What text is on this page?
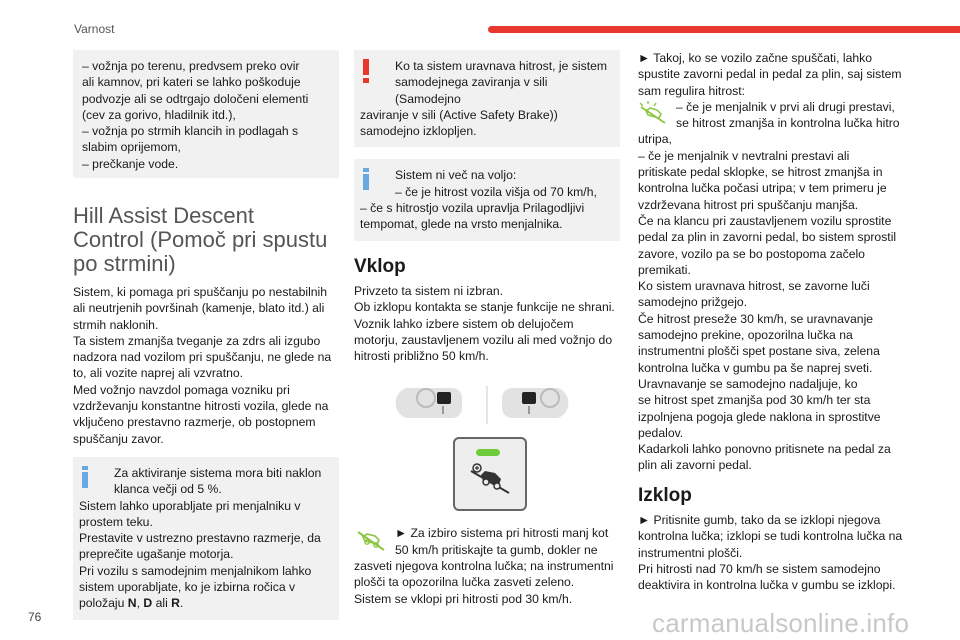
Varnost

– vožnja po terenu, predvsem preko ovir
ali kamnov, pri kateri se lahko poškoduje
podvozje ali se odtrgajo določeni elementi
(cev za gorivo, hladilnik itd.),
– vožnja po strmih klancih in podlagah s
slabim oprijemom,
– prečkanje vode.

Hill Assist Descent
Control (Pomoč pri spustu
po strmini)

Sistem, ki pomaga pri spuščanju po nestabilnih
ali neutrjenih površinah (kamenje, blato itd.) ali
strmih naklonih.
Ta sistem zmanjša tveganje za zdrs ali izgubo
nadzora nad vozilom pri spuščanju, ne glede na
to, ali vozite naprej ali vzvratno.
Med vožnjo navzdol pomaga vozniku pri
vzdrževanju konstantne hitrosti vozila, glede na
vključeno prestavno razmerje, ob postopnem
spuščanju zavor.

Za aktiviranje sistema mora biti naklon

klanca večji od 5 %.

Sistem lahko uporabljate pri menjalniku v
prostem teku.
Prestavite v ustrezno prestavno razmerje, da
preprečite ugašanje motorja.
Pri vozilu s samodejnim menjalnikom lahko
sistem uporabljate, ko je izbirna ročica v
položaju N, D ali R.

Ko ta sistem uravnava hitrost, je sistem

samodejnega zaviranja v sili (Samodejno

zaviranje v sili (Active Safety Brake))
samodejno izklopljen.

Sistem ni več na voljo:

– če je hitrost vozila višja od 70 km/h,

– če s hitrostjo vozila upravlja Prilagodljivi
tempomat, glede na vrsto menjalnika.

Vklop

Privzeto ta sistem ni izbran.
Ob izklopu kontakta se stanje funkcije ne shrani.
Voznik lahko izbere sistem ob delujočem
motorju, zaustavljenem vozilu ali med vožnjo do
hitrosti približno 50 km/h.

► Za izbiro sistema pri hitrosti manj kot

50 km/h pritiskajte ta gumb, dokler ne

zasveti njegova kontrolna lučka; na instrumentni
plošči ta opozorilna lučka zasveti zeleno.
Sistem se vklopi pri hitrosti pod 30 km/h.

► Takoj, ko se vozilo začne spuščati, lahko
spustite zavorni pedal in pedal za plin, saj sistem
sam regulira hitrost:

– če je menjalnik v prvi ali drugi prestavi,

se hitrost zmanjša in kontrolna lučka hitro

utripa,
– če je menjalnik v nevtralni prestavi ali
pritiskate pedal sklopke, se hitrost zmanjša in
kontrolna lučka počasi utripa; v tem primeru je
vzdrževana hitrost pri spuščanju manjša.
Če na klancu pri zaustavljenem vozilu sprostite
pedal za plin in zavorni pedal, bo sistem sprostil
zavore, vozilo pa se bo postopoma začelo
premikati.
Ko sistem uravnava hitrost, se zavorne luči
samodejno prižgejo.
Če hitrost preseže 30 km/h, se uravnavanje
samodejno prekine, opozorilna lučka na
instrumentni plošči spet postane siva, zelena
kontrolna lučka v gumbu pa še naprej sveti.
Uravnavanje se samodejno nadaljuje, ko
se hitrost spet zmanjša pod 30 km/h ter sta
izpolnjena pogoja glede naklona in sprostitve
pedalov.
Kadarkoli lahko ponovno pritisnete na pedal za
plin ali zavorni pedal.

Izklop

► Pritisnite gumb, tako da se izklopi njegova
kontrolna lučka; izklopi se tudi kontrolna lučka na
instrumentni plošči.
Pri hitrosti nad 70 km/h se sistem samodejno
deaktivira in kontrolna lučka v gumbu se izklopi.

76	carmanualsonline.info
